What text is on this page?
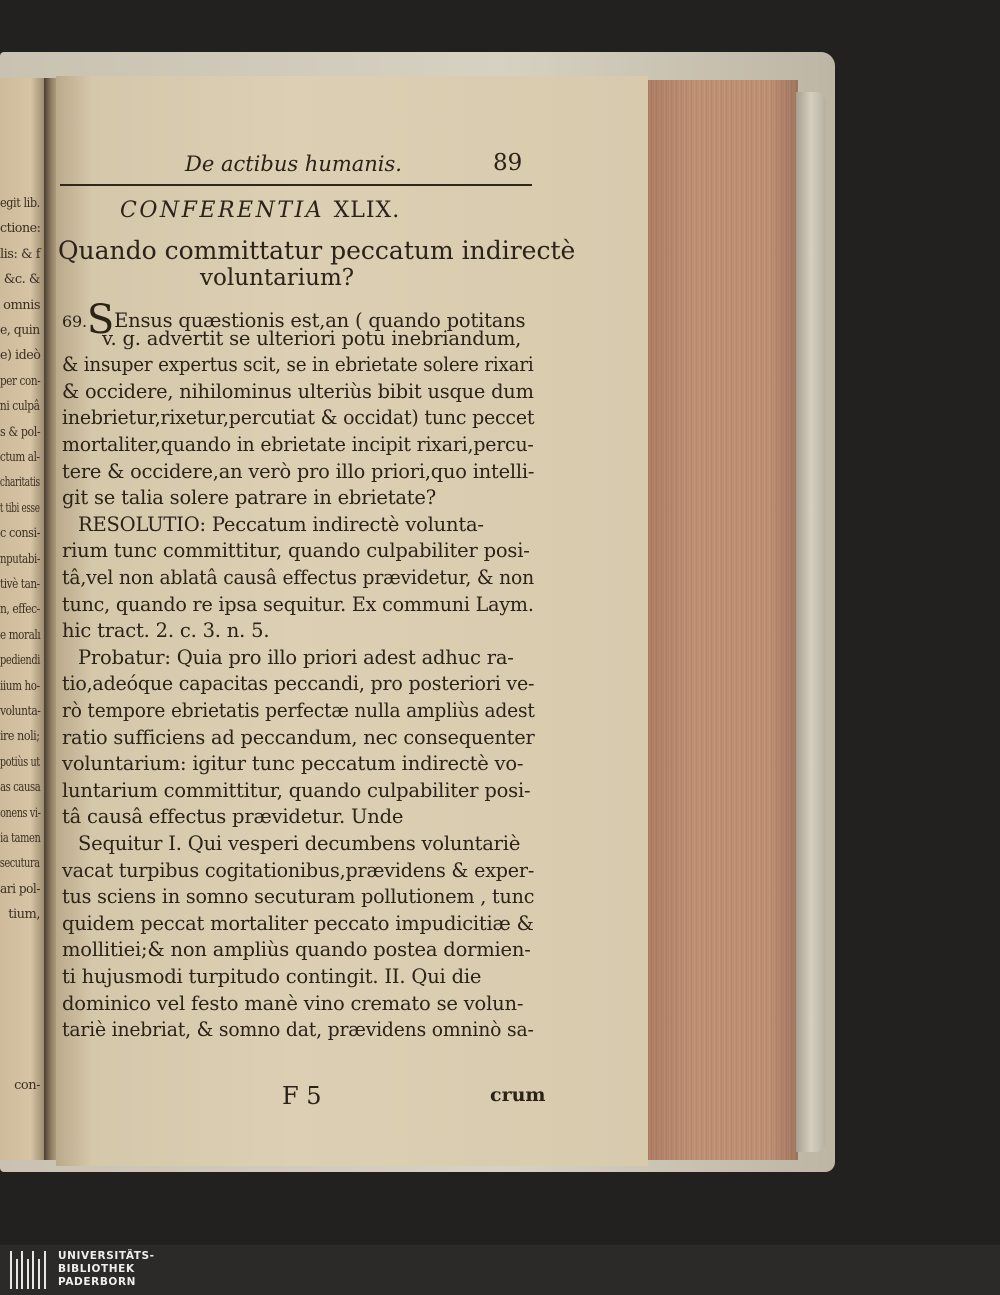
egit lib.
ctione:
lis: & f
&c. &
omnis
e, quin
e) ideò
per con-
ni culpâ
s & pol-
ctum al-
charitatis
t tibi esse
c consi-
nputabi-
tivè tan-
n, effec-
e moralı
pediendi
iium ho-
volunta-
ire noli;
potiùs ut
as causa
onens vi-
ia tamen
secutura
ari pol-
tium,
con-
De actibus humanis.	89
CONFERENTIA XLIX.
Quando committatur peccatum indirectè
voluntarium?
69.SEnsus quæstionis est,an ( quando potitans
v. g. advertit se ulteriori potu inebriandum,
& insuper expertus scit, se in ebrietate solere rixari
& occidere, nihilominus ulteriùs bibit usque dum
inebrietur,rixetur,percutiat & occidat) tunc peccet
mortaliter,quando in ebrietate incipit rixari,percu-
tere & occidere,an verò pro illo priori,quo intelli-
git se talia solere patrare in ebrietate?
RESOLUTIO: Peccatum indirectè volunta-
rium tunc committitur, quando culpabiliter posi-
tâ,vel non ablatâ causâ effectus prævidetur, & non
tunc, quando re ipsa sequitur. Ex communi Laym.
hic tract. 2. c. 3. n. 5.
Probatur: Quia pro illo priori adest adhuc ra-
tio,adeóque capacitas peccandi, pro posteriori ve-
rò tempore ebrietatis perfectæ nulla ampliùs adest
ratio sufficiens ad peccandum, nec consequenter
voluntarium: igitur tunc peccatum indirectè vo-
luntarium committitur, quando culpabiliter posi-
tâ causâ effectus prævidetur. Unde
Sequitur I. Qui vesperi decumbens voluntariè
vacat turpibus cogitationibus,prævidens & exper-
tus sciens in somno secuturam pollutionem , tunc
quidem peccat mortaliter peccato impudicitiæ &
mollitiei;& non ampliùs quando postea dormien-
ti hujusmodi turpitudo contingit. II. Qui die
dominico vel festo manè vino cremato se volun-
tariè inebriat, & somno dat, prævidens omninò sa-
F 5	crum
UNIVERSITÄTS-
BIBLIOTHEK
PADERBORN
